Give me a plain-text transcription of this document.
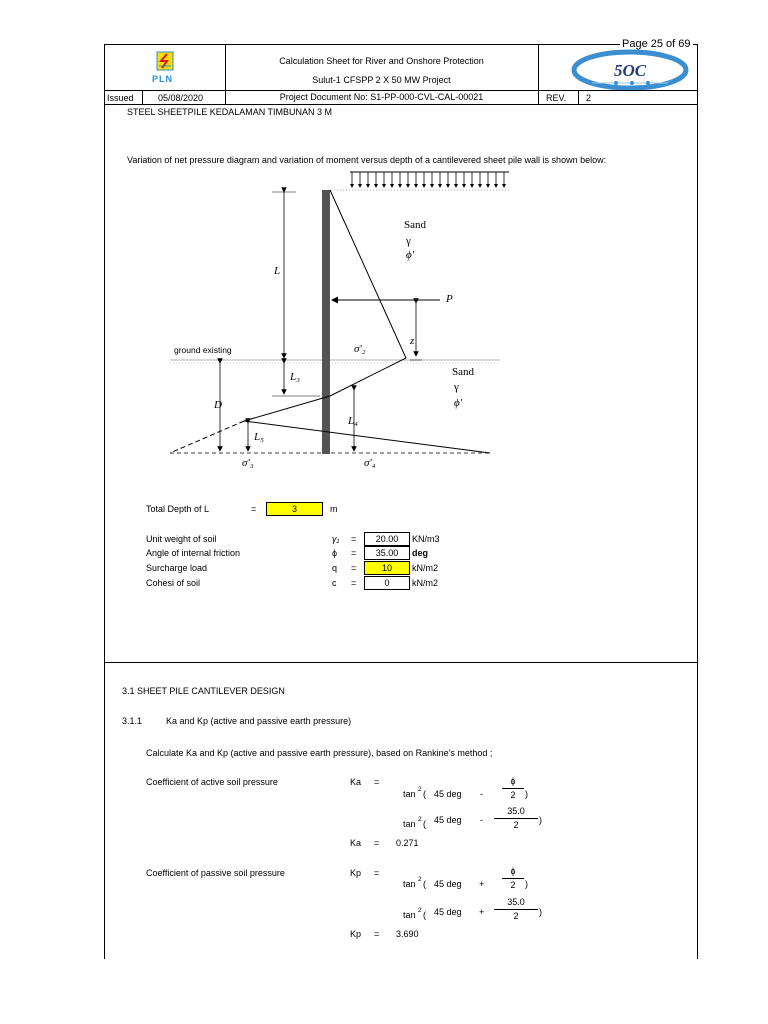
Page 25 of 69
PLN
Calculation Sheet for River and Onshore Protection
Sulut-1 CFSPP 2 X 50 MW Project
Project Document No: S1-PP-000-CVL-CAL-00021
Issued	05/08/2020	REV. 2
5OC
STEEL SHEETPILE KEDALAMAN TIMBUNAN 3 M
Variation of net pressure diagram and variation of moment versus depth of a cantilevered sheet pile wall is shown below:
ground existing
Sand
γ
ϕ'
Sand
γ
ϕ'
L
P
z
L₃
D
L₄
L₅
σ'₂
σ'₃	σ'₄
Total Depth of L	=	3	m
Unit weight of soil	γ₁ =	20.00	KN/m3
Angle of internal friction	ϕ =	35.00	deg
Surcharge load	q =	10	kN/m2
Cohesi of soil	c =	0	kN/m2
3.1 SHEET PILE CANTILEVER DESIGN
3.1.1	Ka and Kp (active and passive earth pressure)
Calculate Ka and Kp (active and passive earth pressure), based on Rankine's method ;
Coefficient of active soil pressure	Ka =
tan 2 ( 45 deg -
ϕ
2	)
tan 2 ( 45 deg -
35.0
2	)
Ka = 0.271
Coefficient of passive soil pressure	Kp =
tan 2 ( 45 deg +
ϕ
2	)
tan 2 ( 45 deg +
35.0
2	)
Kp = 3.690
